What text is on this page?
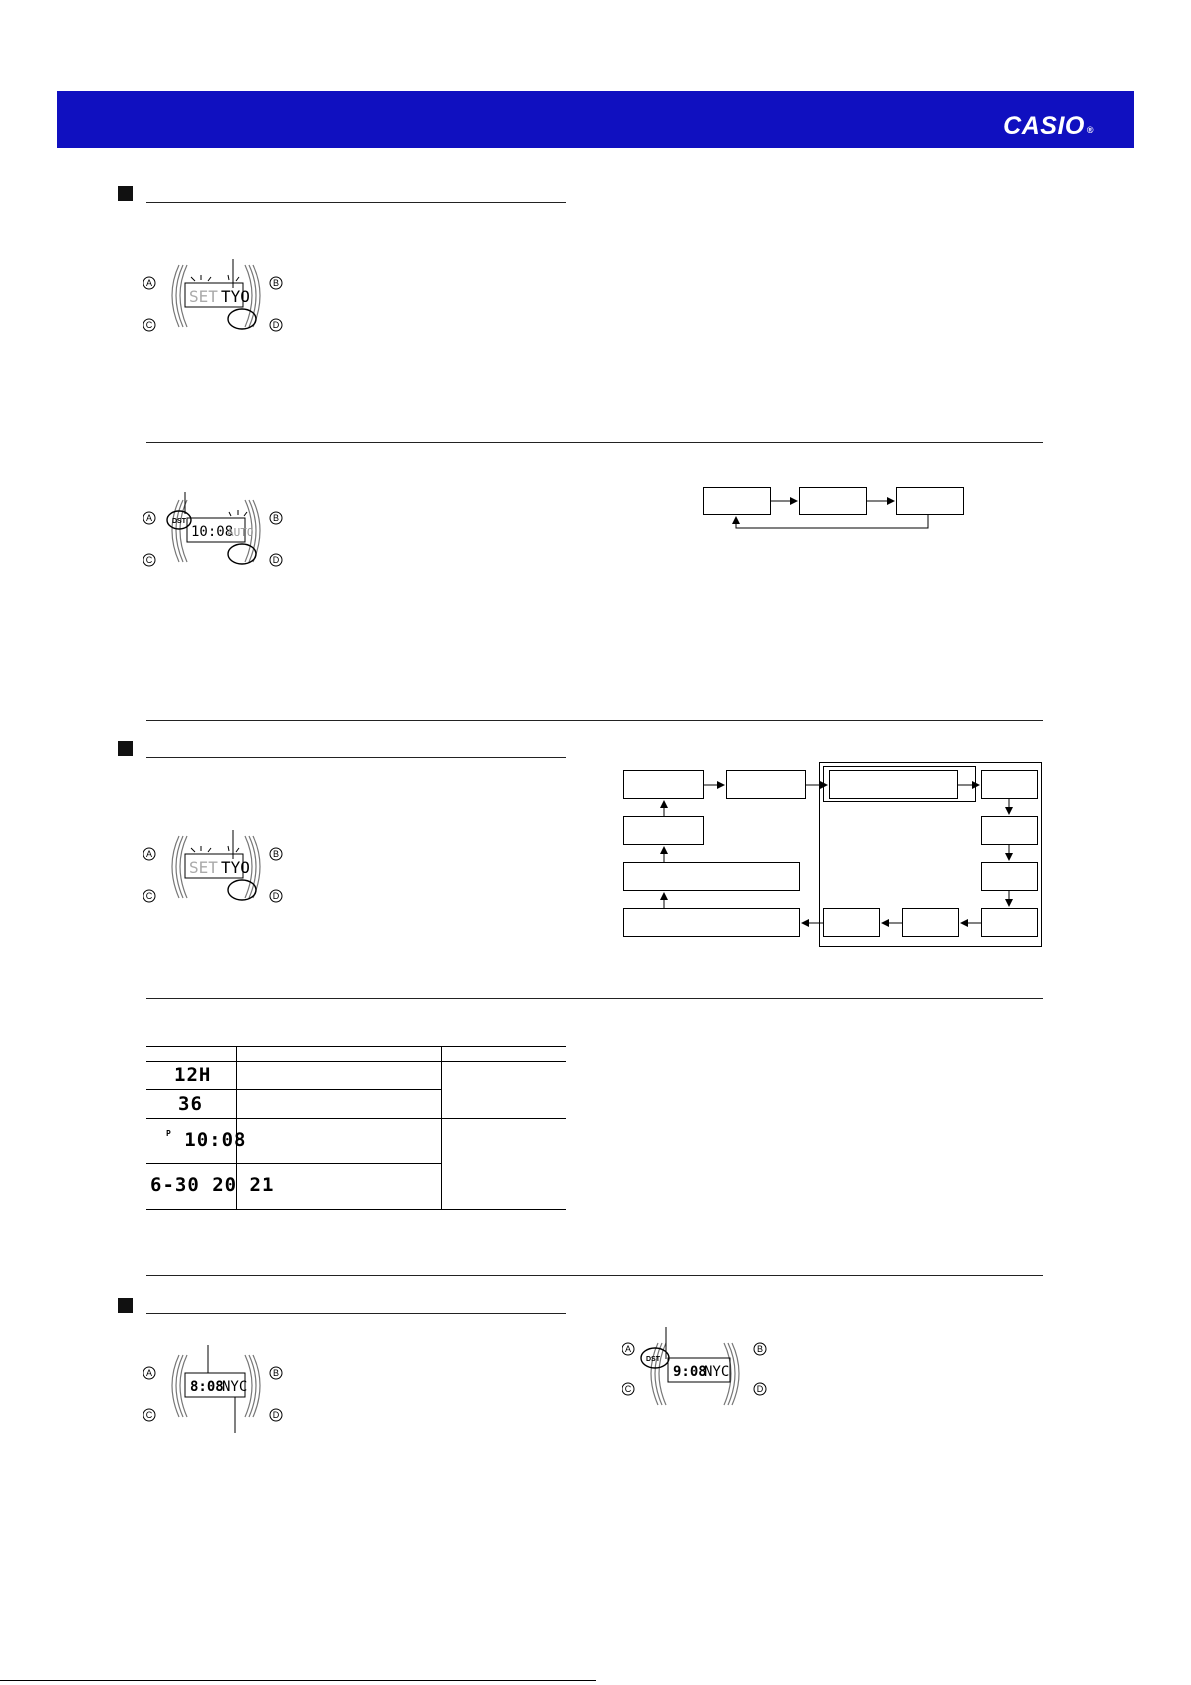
CASIO ®
A	B
C	D
SET TYO
A	B
C	D
DST
10:08
AUTO
A	B
C	D
SET TYO
12H
36
$^P$ 10:08
6-30 20 21
A	B
C	D
8:08
NYC
A	B
C	D
DST
9:08
NYC
